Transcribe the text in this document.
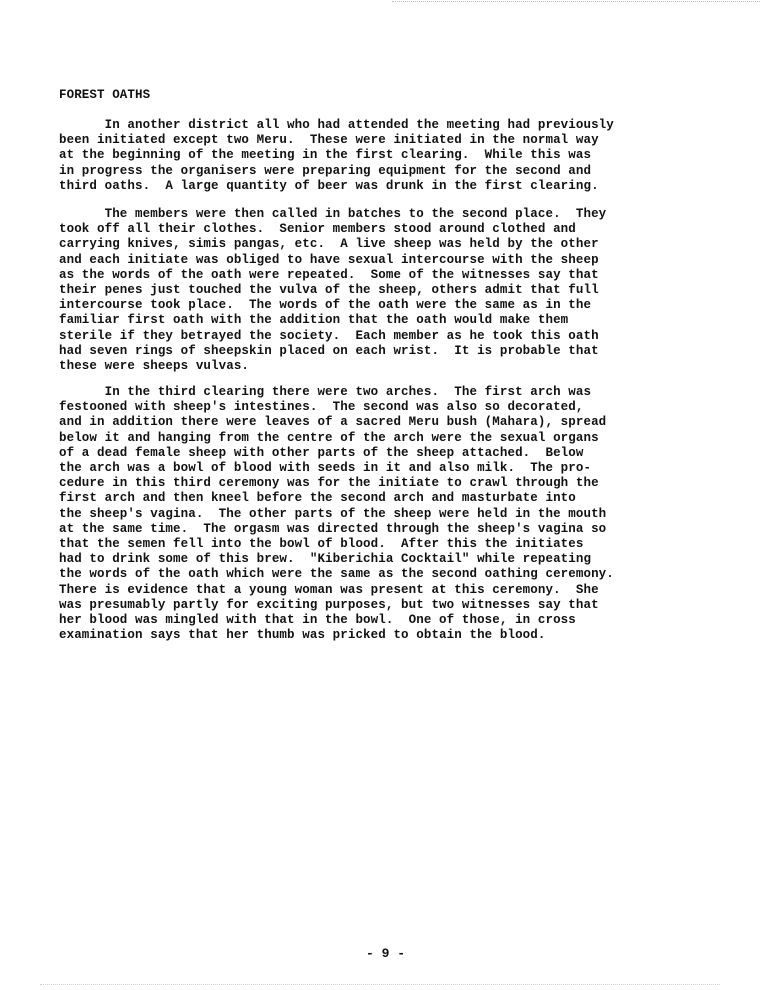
FOREST OATHS

In another district all who had attended the meeting had previously
been initiated except two Meru.  These were initiated in the normal way
at the beginning of the meeting in the first clearing.  While this was
in progress the organisers were preparing equipment for the second and
third oaths.  A large quantity of beer was drunk in the first clearing.

The members were then called in batches to the second place.  They
took off all their clothes.  Senior members stood around clothed and
carrying knives, simis pangas, etc.  A live sheep was held by the other
and each initiate was obliged to have sexual intercourse with the sheep
as the words of the oath were repeated.  Some of the witnesses say that
their penes just touched the vulva of the sheep, others admit that full
intercourse took place.  The words of the oath were the same as in the
familiar first oath with the addition that the oath would make them
sterile if they betrayed the society.  Each member as he took this oath
had seven rings of sheepskin placed on each wrist.  It is probable that
these were sheeps vulvas.

In the third clearing there were two arches.  The first arch was
festooned with sheep's intestines.  The second was also so decorated,
and in addition there were leaves of a sacred Meru bush (Mahara), spread
below it and hanging from the centre of the arch were the sexual organs
of a dead female sheep with other parts of the sheep attached.  Below
the arch was a bowl of blood with seeds in it and also milk.  The pro-
cedure in this third ceremony was for the initiate to crawl through the
first arch and then kneel before the second arch and masturbate into
the sheep's vagina.  The other parts of the sheep were held in the mouth
at the same time.  The orgasm was directed through the sheep's vagina so
that the semen fell into the bowl of blood.  After this the initiates
had to drink some of this brew.  "Kiberichia Cocktail" while repeating
the words of the oath which were the same as the second oathing ceremony.
There is evidence that a young woman was present at this ceremony.  She
was presumably partly for exciting purposes, but two witnesses say that
her blood was mingled with that in the bowl.  One of those, in cross
examination says that her thumb was pricked to obtain the blood.

- 9 -
